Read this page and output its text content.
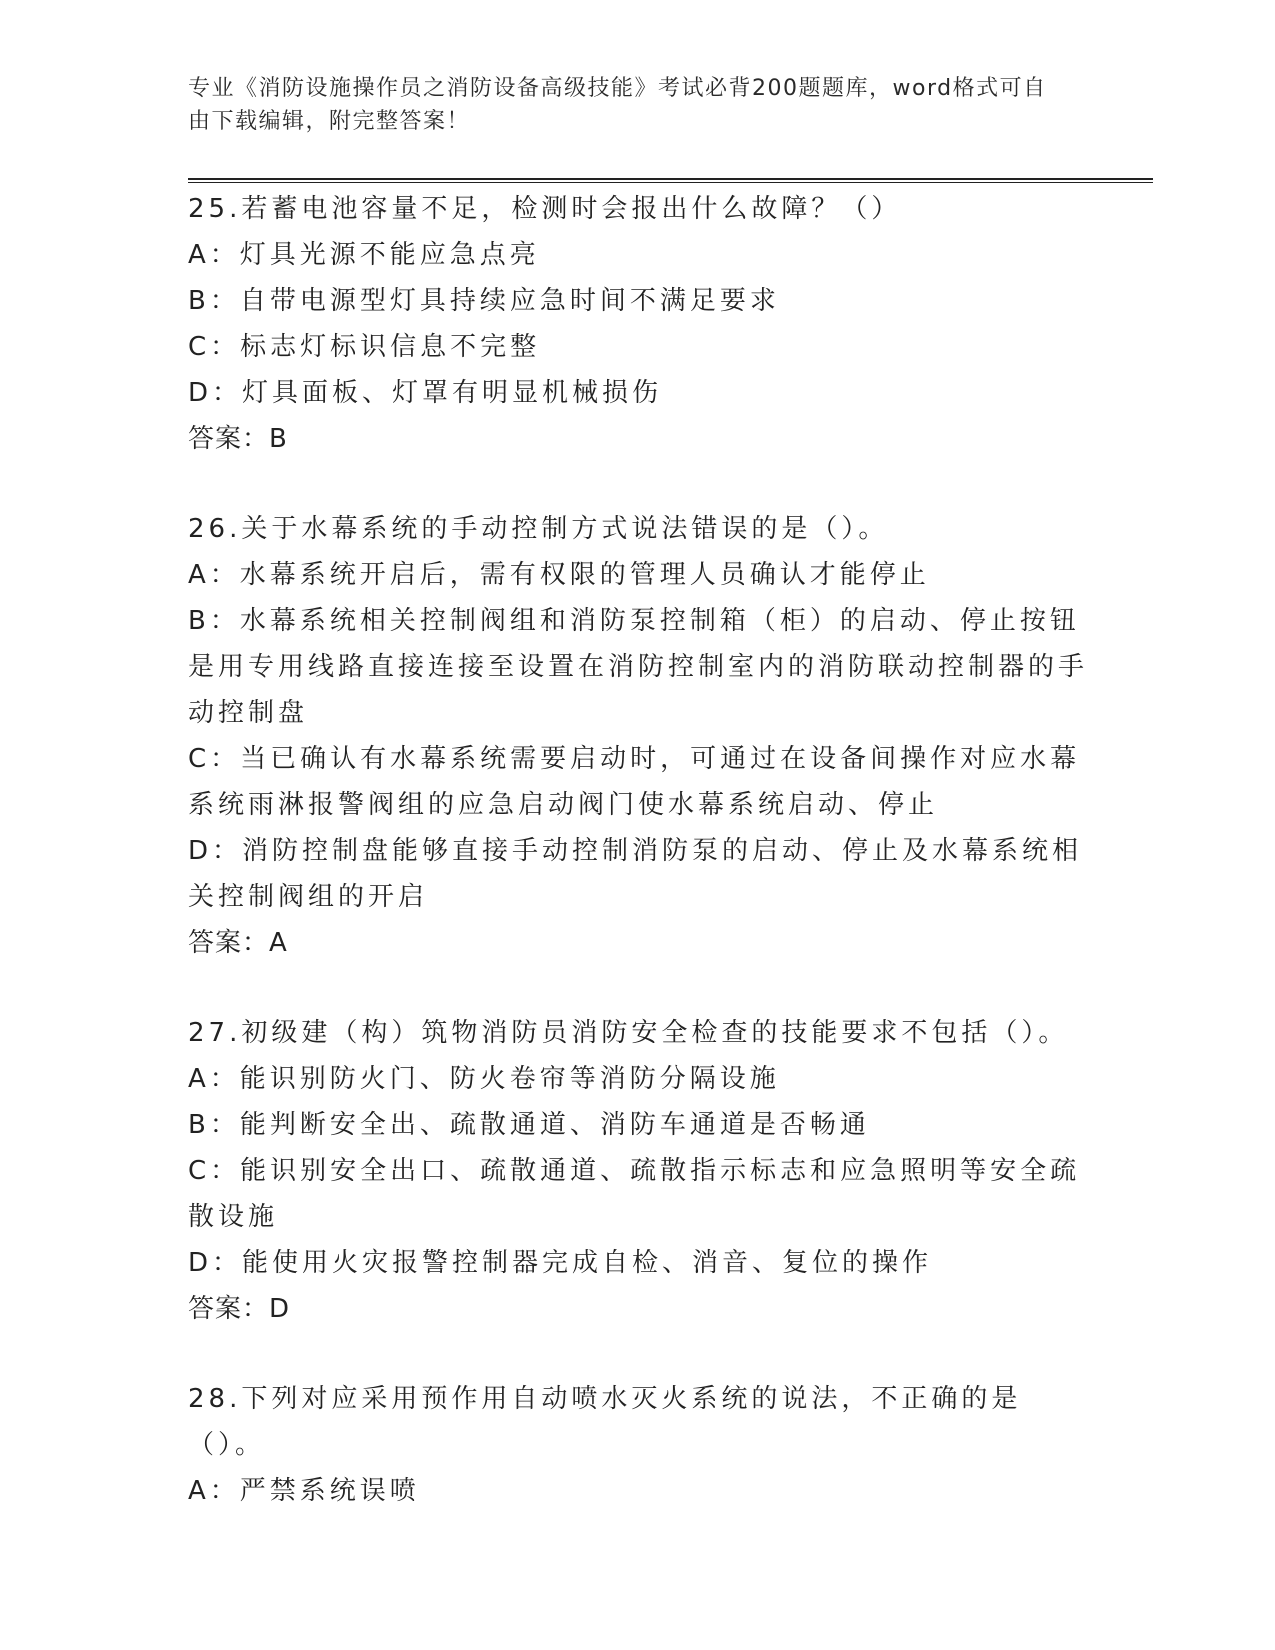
专业《消防设施操作员之消防设备高级技能》考试必背200题题库，word格式可自由下载编辑，附完整答案！

25.若蓄电池容量不足，检测时会报出什么故障？（）

A：灯具光源不能应急点亮

B：自带电源型灯具持续应急时间不满足要求

C：标志灯标识信息不完整

D：灯具面板、灯罩有明显机械损伤

答案：B

26.关于水幕系统的手动控制方式说法错误的是（）。

A：水幕系统开启后，需有权限的管理人员确认才能停止

B：水幕系统相关控制阀组和消防泵控制箱（柜）的启动、停止按钮是用专用线路直接连接至设置在消防控制室内的消防联动控制器的手动控制盘

C：当已确认有水幕系统需要启动时，可通过在设备间操作对应水幕系统雨淋报警阀组的应急启动阀门使水幕系统启动、停止

D：消防控制盘能够直接手动控制消防泵的启动、停止及水幕系统相关控制阀组的开启

答案：A

27.初级建（构）筑物消防员消防安全检查的技能要求不包括（）。

A：能识别防火门、防火卷帘等消防分隔设施

B：能判断安全出、疏散通道、消防车通道是否畅通

C：能识别安全出口、疏散通道、疏散指示标志和应急照明等安全疏散设施

D：能使用火灾报警控制器完成自检、消音、复位的操作

答案：D

28.下列对应采用预作用自动喷水灭火系统的说法，不正确的是（）。

A：严禁系统误喷
